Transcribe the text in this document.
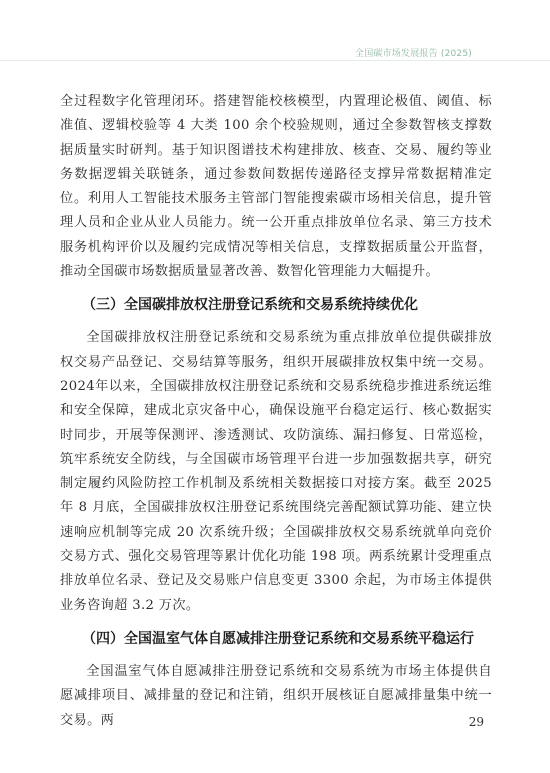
全国碳市场发展报告 (2025)

全过程数字化管理闭环。搭建智能校核模型，内置理论极值、阈值、标准值、逻辑校验等 4 大类 100 余个校验规则，通过全参数智核支撑数据质量实时研判。基于知识图谱技术构建排放、核查、交易、履约等业务数据逻辑关联链条，通过参数间数据传递路径支撑异常数据精准定位。利用人工智能技术服务主管部门智能搜索碳市场相关信息，提升管理人员和企业从业人员能力。统一公开重点排放单位名录、第三方技术服务机构评价以及履约完成情况等相关信息，支撑数据质量公开监督，推动全国碳市场数据质量显著改善、数智化管理能力大幅提升。

（三）全国碳排放权注册登记系统和交易系统持续优化

全国碳排放权注册登记系统和交易系统为重点排放单位提供碳排放权交易产品登记、交易结算等服务，组织开展碳排放权集中统一交易。2024年以来，全国碳排放权注册登记系统和交易系统稳步推进系统运维和安全保障，建成北京灾备中心，确保设施平台稳定运行、核心数据实时同步，开展等保测评、渗透测试、攻防演练、漏扫修复、日常巡检，筑牢系统安全防线，与全国碳市场管理平台进一步加强数据共享，研究制定履约风险防控工作机制及系统相关数据接口对接方案。截至 2025 年 8 月底，全国碳排放权注册登记系统围绕完善配额试算功能、建立快速响应机制等完成 20 次系统升级；全国碳排放权交易系统就单向竞价交易方式、强化交易管理等累计优化功能 198 项。两系统累计受理重点排放单位名录、登记及交易账户信息变更 3300 余起，为市场主体提供业务咨询超 3.2 万次。

（四）全国温室气体自愿减排注册登记系统和交易系统平稳运行

全国温室气体自愿减排注册登记系统和交易系统为市场主体提供自愿减排项目、减排量的登记和注销，组织开展核证自愿减排量集中统一交易。两	29
